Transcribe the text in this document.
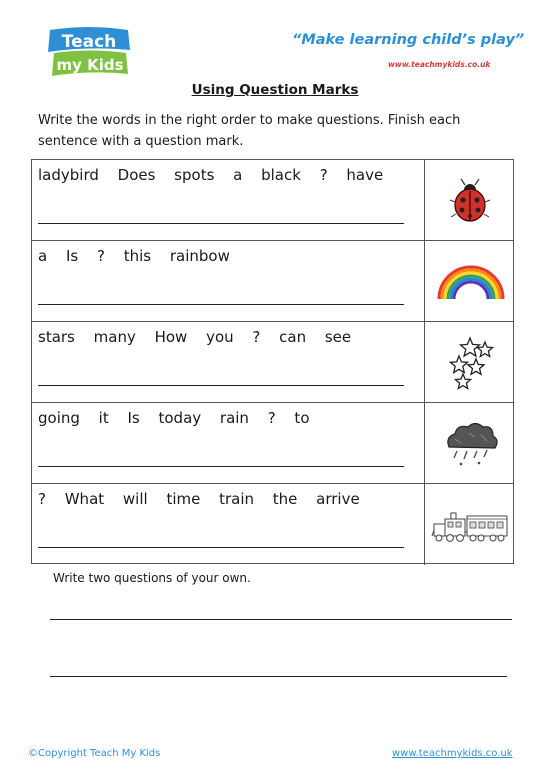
Teach
my Kids
“Make learning child’s play”
www.teachmykids.co.uk
Using Question Marks
Write the words in the right order to make questions. Finish each sentence with a question mark.
ladybird Does spots a black ? have
a Is ? this rainbow
stars many How you ? can see
going it Is today rain ? to
? What will time train the arrive
Write two questions of your own.
©Copyright Teach My Kids	www.teachmykids.co.uk
